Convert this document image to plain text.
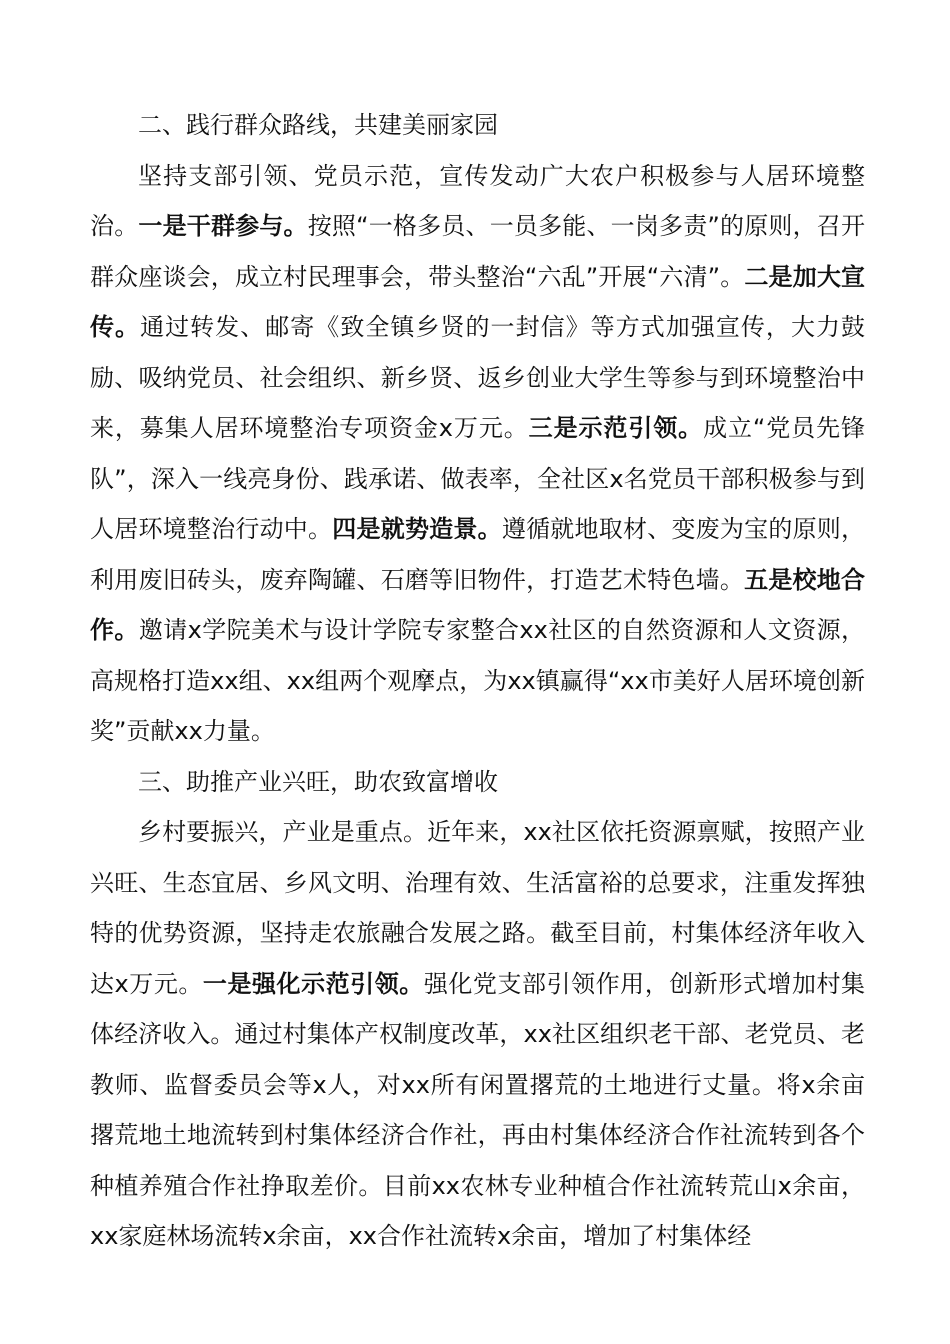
二、践行群众路线，共建美丽家园

坚持支部引领、党员示范，宣传发动广大农户积极参与人居环境整治。一是干群参与。按照“一格多员、一员多能、一岗多责”的原则，召开群众座谈会，成立村民理事会，带头整治“六乱”开展“六清”。二是加大宣传。通过转发、邮寄《致全镇乡贤的一封信》等方式加强宣传，大力鼓励、吸纳党员、社会组织、新乡贤、返乡创业大学生等参与到环境整治中来，募集人居环境整治专项资金x万元。三是示范引领。成立“党员先锋队”，深入一线亮身份、践承诺、做表率，全社区x名党员干部积极参与到人居环境整治行动中。四是就势造景。遵循就地取材、变废为宝的原则，利用废旧砖头，废弃陶罐、石磨等旧物件，打造艺术特色墙。五是校地合作。邀请x学院美术与设计学院专家整合xx社区的自然资源和人文资源，高规格打造xx组、xx组两个观摩点，为xx镇赢得“xx市美好人居环境创新奖”贡献xx力量。

三、助推产业兴旺，助农致富增收

乡村要振兴，产业是重点。近年来，xx社区依托资源禀赋，按照产业兴旺、生态宜居、乡风文明、治理有效、生活富裕的总要求，注重发挥独特的优势资源，坚持走农旅融合发展之路。截至目前，村集体经济年收入达x万元。一是强化示范引领。强化党支部引领作用，创新形式增加村集体经济收入。通过村集体产权制度改革，xx社区组织老干部、老党员、老教师、监督委员会等x人，对xx所有闲置撂荒的土地进行丈量。将x余亩撂荒地土地流转到村集体经济合作社，再由村集体经济合作社流转到各个种植养殖合作社挣取差价。目前xx农林专业种植合作社流转荒山x余亩，xx家庭林场流转x余亩，xx合作社流转x余亩，增加了村集体经
